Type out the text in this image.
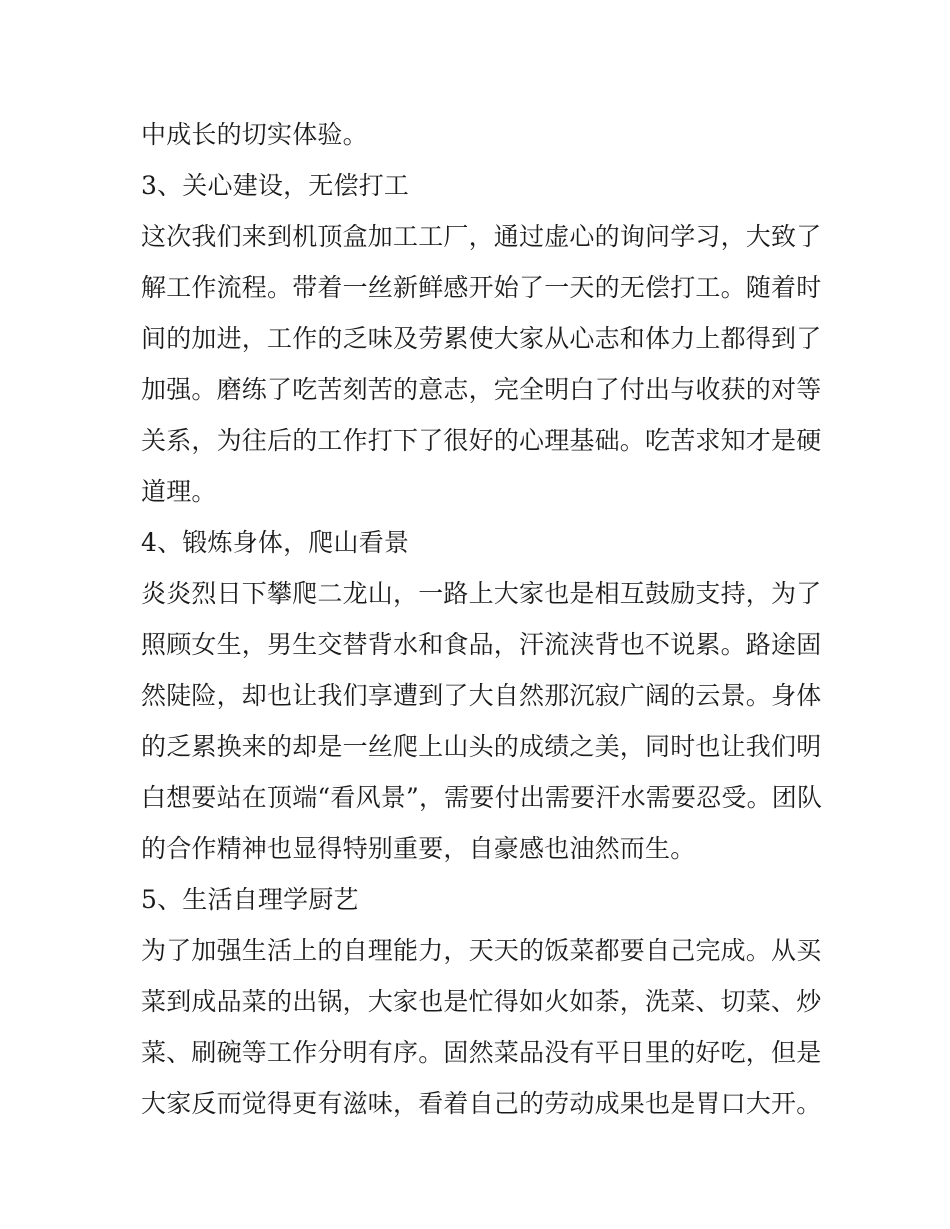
中成长的切实体验。
3、关心建设，无偿打工
这次我们来到机顶盒加工工厂，通过虚心的询问学习，大致了
解工作流程。带着一丝新鲜感开始了一天的无偿打工。随着时
间的加进，工作的乏味及劳累使大家从心志和体力上都得到了
加强。磨练了吃苦刻苦的意志，完全明白了付出与收获的对等
关系，为往后的工作打下了很好的心理基础。吃苦求知才是硬
道理。
4、锻炼身体，爬山看景
炎炎烈日下攀爬二龙山，一路上大家也是相互鼓励支持，为了
照顾女生，男生交替背水和食品，汗流浃背也不说累。路途固
然陡险，却也让我们享遭到了大自然那沉寂广阔的云景。身体
的乏累换来的却是一丝爬上山头的成绩之美，同时也让我们明
白想要站在顶端“看风景”，需要付出需要汗水需要忍受。团队
的合作精神也显得特别重要，自豪感也油然而生。
5、生活自理学厨艺
为了加强生活上的自理能力，天天的饭菜都要自己完成。从买
菜到成品菜的出锅，大家也是忙得如火如荼，洗菜、切菜、炒
菜、刷碗等工作分明有序。固然菜品没有平日里的好吃，但是
大家反而觉得更有滋味，看着自己的劳动成果也是胃口大开。
